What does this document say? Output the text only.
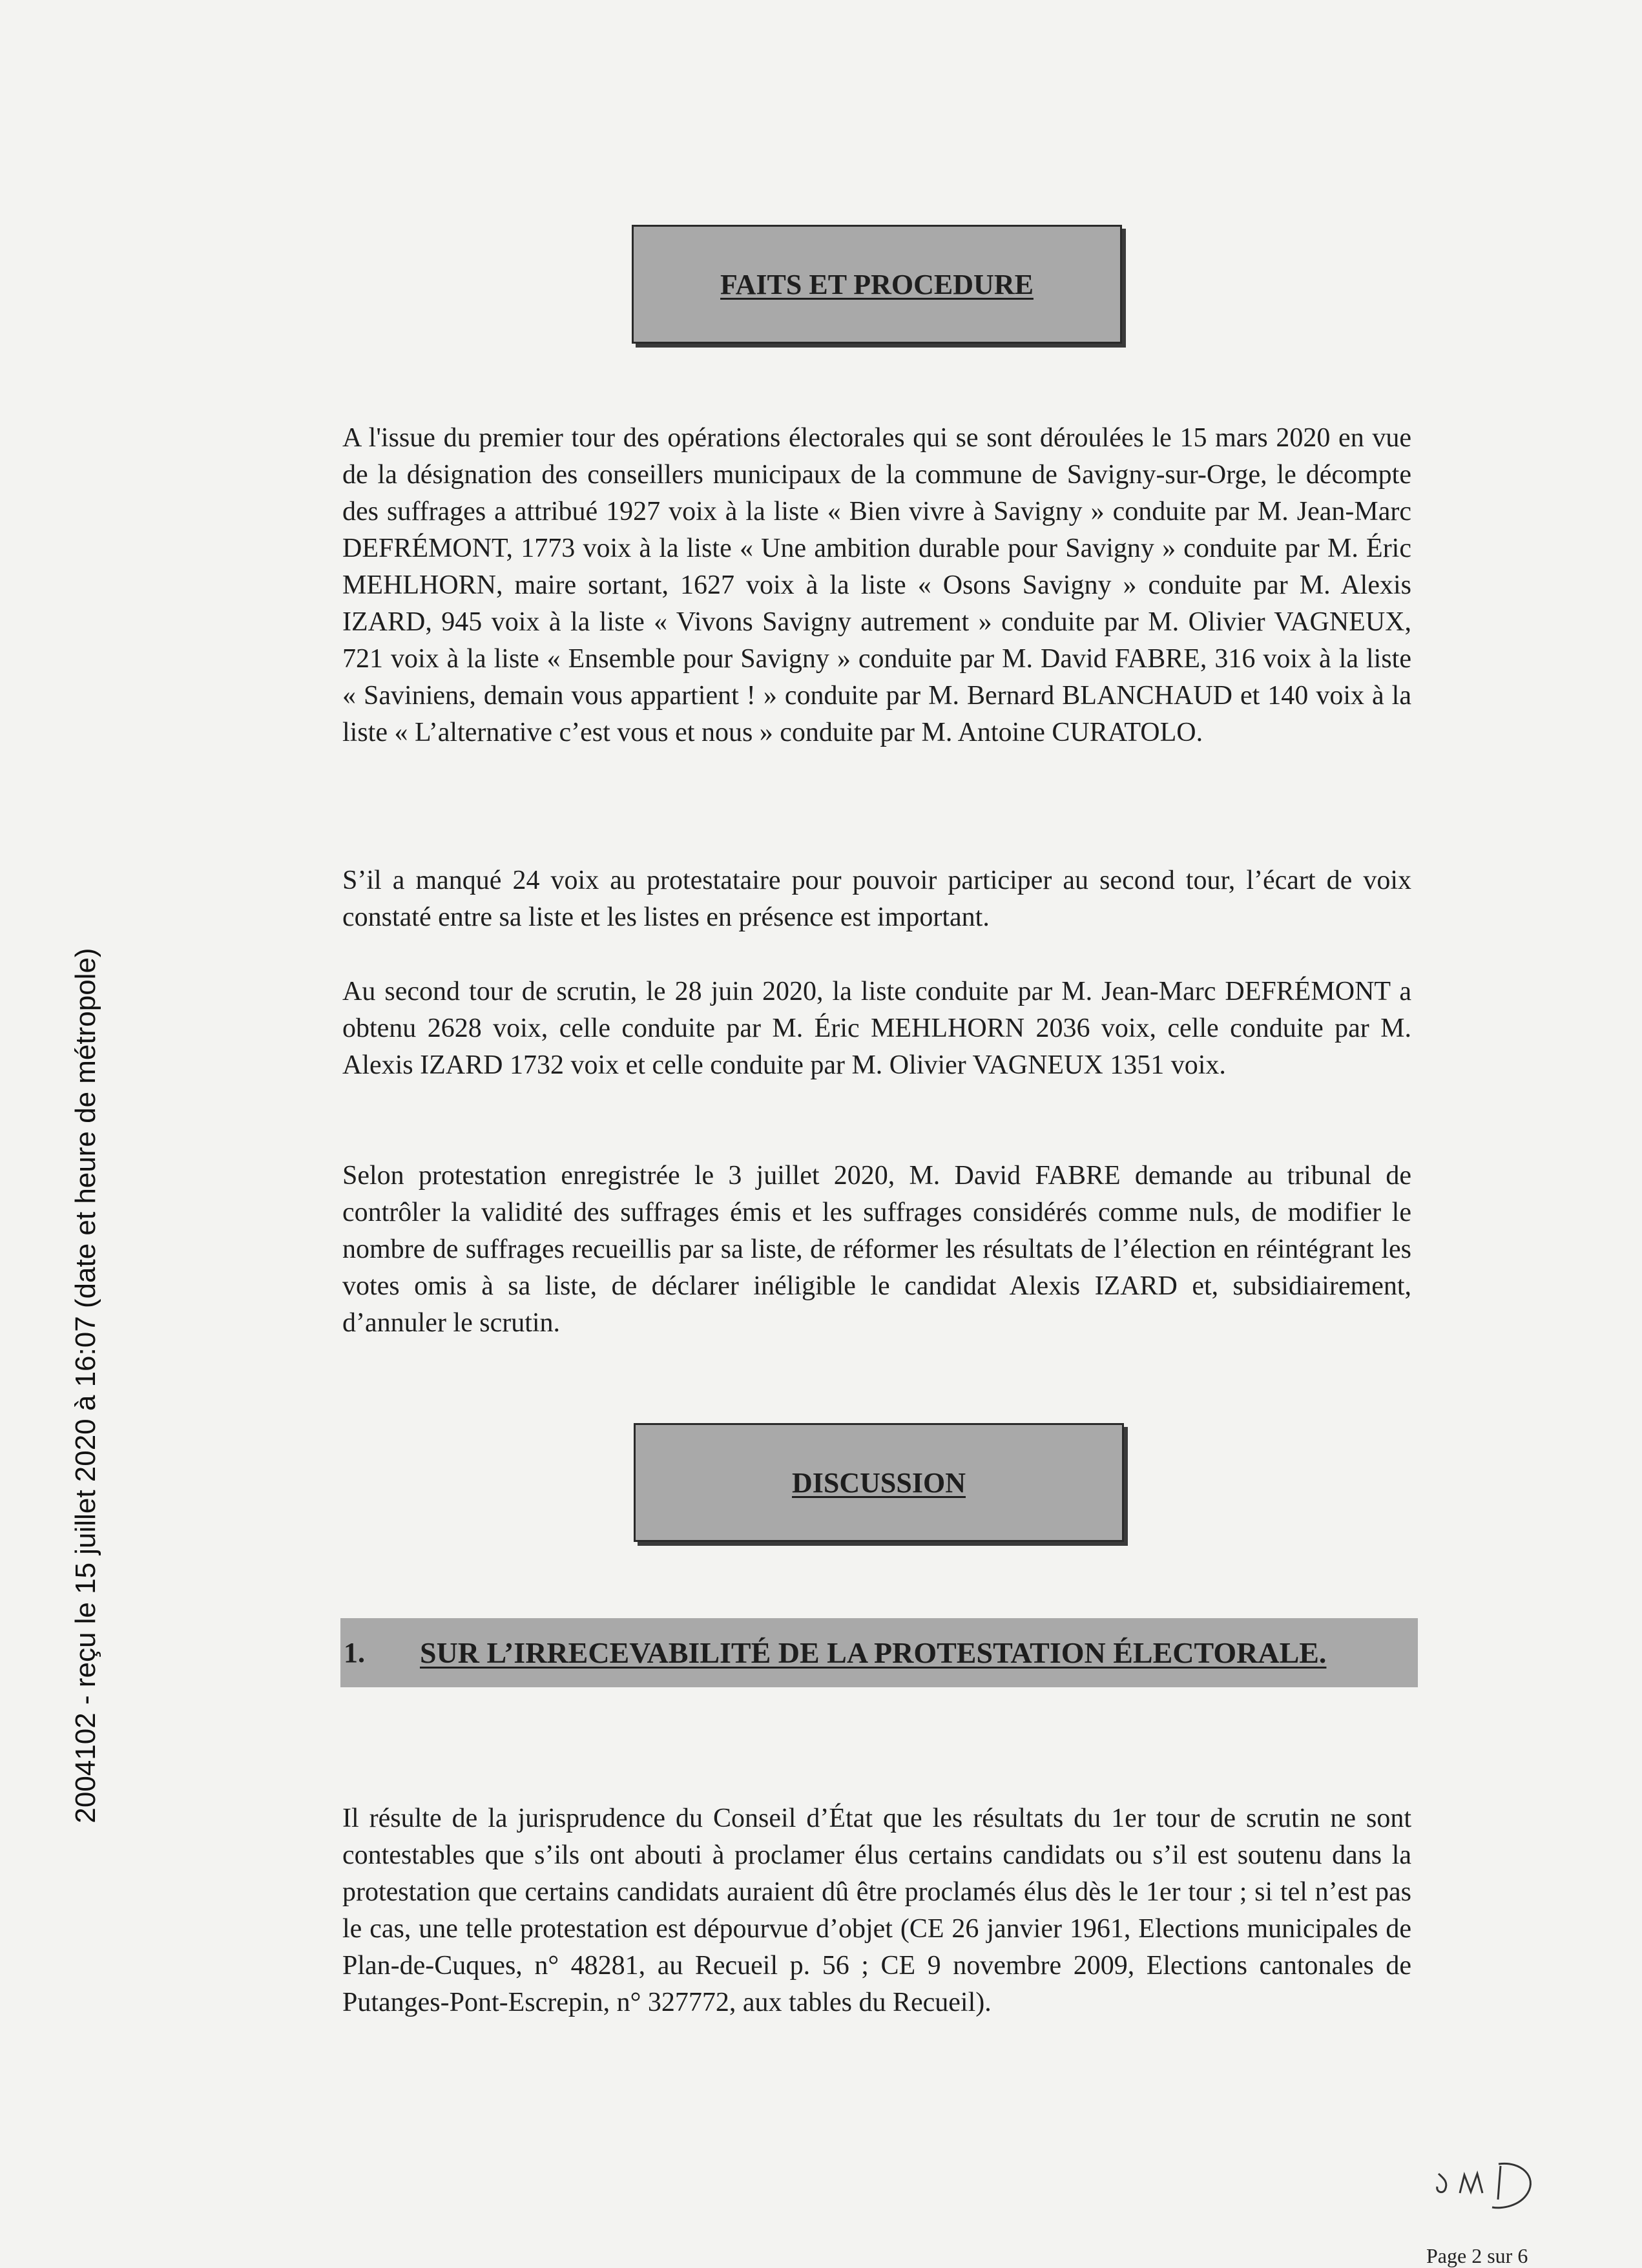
2004102 - reçu le 15 juillet 2020 à 16:07 (date et heure de métropole)
FAITS ET PROCEDURE

A l'issue du premier tour des opérations électorales qui se sont déroulées le 15 mars 2020 en vue de la désignation des conseillers municipaux de la commune de Savigny-sur-Orge, le décompte des suffrages a attribué 1927 voix à la liste « Bien vivre à Savigny » conduite par M. Jean-Marc DEFRÉMONT, 1773 voix à la liste « Une ambition durable pour Savigny » conduite par M. Éric MEHLHORN, maire sortant, 1627 voix à la liste « Osons Savigny » conduite par M. Alexis IZARD, 945 voix à la liste « Vivons Savigny autrement » conduite par M. Olivier VAGNEUX, 721 voix à la liste « Ensemble pour Savigny » conduite par M. David FABRE, 316 voix à la liste « Saviniens, demain vous appartient ! » conduite par M. Bernard BLANCHAUD et 140 voix à la liste « L’alternative c’est vous et nous » conduite par M. Antoine CURATOLO.

S’il a manqué 24 voix au protestataire pour pouvoir participer au second tour, l’écart de voix constaté entre sa liste et les listes en présence est important.

Au second tour de scrutin, le 28 juin 2020, la liste conduite par M. Jean-Marc DEFRÉMONT a obtenu 2628 voix, celle conduite par M. Éric MEHLHORN 2036 voix, celle conduite par M. Alexis IZARD 1732 voix et celle conduite par M. Olivier VAGNEUX 1351 voix.

Selon protestation enregistrée le 3 juillet 2020, M. David FABRE demande au tribunal de contrôler la validité des suffrages émis et les suffrages considérés comme nuls, de modifier le nombre de suffrages recueillis par sa liste, de réformer les résultats de l’élection en réintégrant les votes omis à sa liste, de déclarer inéligible le candidat Alexis IZARD et, subsidiairement, d’annuler le scrutin.

DISCUSSION
1.	SUR L’IRRECEVABILITÉ DE LA PROTESTATION ÉLECTORALE.

Il résulte de la jurisprudence du Conseil d’État que les résultats du 1er tour de scrutin ne sont contestables que s’ils ont abouti à proclamer élus certains candidats ou s’il est soutenu dans la protestation que certains candidats auraient dû être proclamés élus dès le 1er tour ; si tel n’est pas le cas, une telle protestation est dépourvue d’objet (CE 26 janvier 1961, Elections municipales de Plan-de-Cuques, n° 48281, au Recueil p. 56 ; CE 9 novembre 2009, Elections cantonales de Putanges-Pont-Escrepin, n° 327772, aux tables du Recueil).

Page 2 sur 6
